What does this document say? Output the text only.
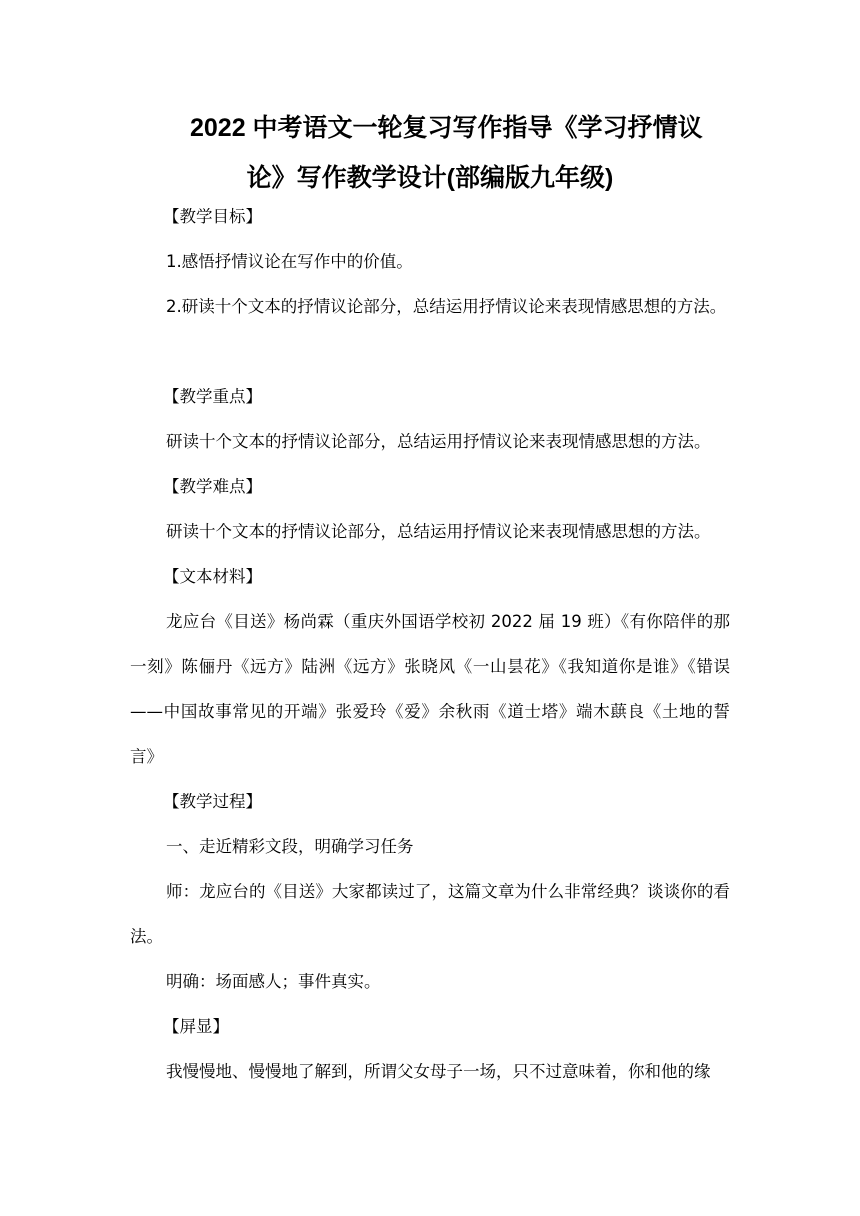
2022 中考语文一轮复习写作指导《学习抒情议
论》写作教学设计(部编版九年级)

【教学目标】

1.感悟抒情议论在写作中的价值。

2.研读十个文本的抒情议论部分，总结运用抒情议论来表现情感思想的方法。

【教学重点】

研读十个文本的抒情议论部分，总结运用抒情议论来表现情感思想的方法。

【教学难点】

研读十个文本的抒情议论部分，总结运用抒情议论来表现情感思想的方法。

【文本材料】

龙应台《目送》杨尚霖（重庆外国语学校初 2022 届 19 班）《有你陪伴的那一刻》陈俪丹《远方》陆洲《远方》张晓风《一山昙花》《我知道你是谁》《错误——中国故事常见的开端》张爱玲《爱》余秋雨《道士塔》端木蕻良《土地的誓言》

【教学过程】

一、走近精彩文段，明确学习任务

师：龙应台的《目送》大家都读过了，这篇文章为什么非常经典？谈谈你的看法。

明确：场面感人；事件真实。

【屏显】

我慢慢地、慢慢地了解到，所谓父女母子一场，只不过意味着，你和他的缘
